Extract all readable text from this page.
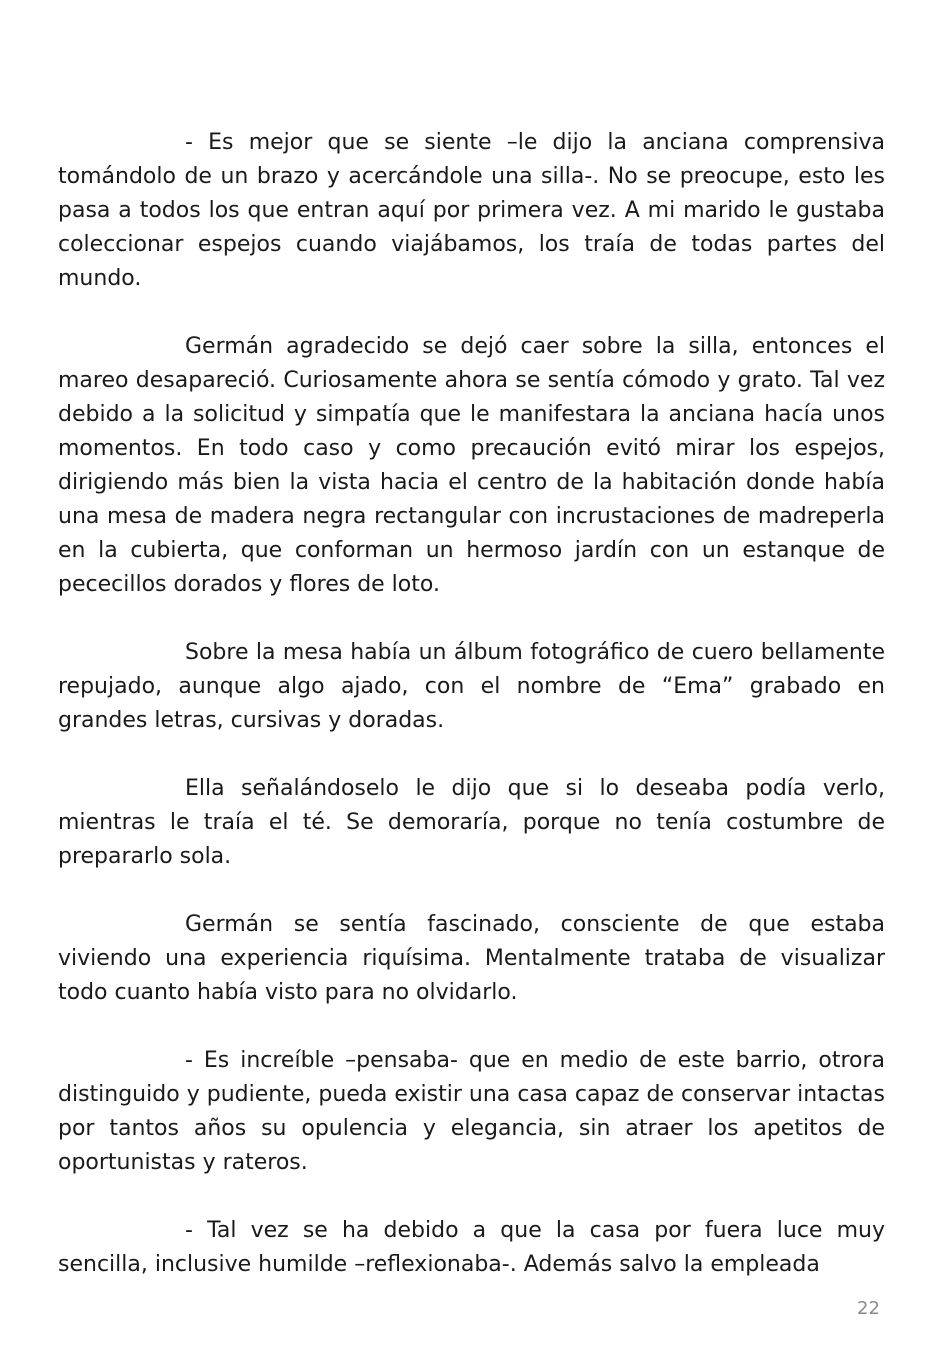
- Es mejor que se siente –le dijo la anciana comprensiva tomándolo de un brazo y acercándole una silla-. No se preocupe, esto les pasa a todos los que entran aquí por primera vez. A mi marido le gustaba coleccionar espejos cuando viajábamos, los traía de todas partes del mundo.

Germán agradecido se dejó caer sobre la silla, entonces el mareo desapareció. Curiosamente ahora se sentía cómodo y grato. Tal vez debido a la solicitud y simpatía que le manifestara la anciana hacía unos momentos. En todo caso y como precaución evitó mirar los espejos, dirigiendo más bien la vista hacia el centro de la habitación donde había una mesa de madera negra rectangular con incrustaciones de madreperla en la cubierta, que conforman un hermoso jardín con un estanque de pececillos dorados y flores de loto.

Sobre la mesa había un álbum fotográfico de cuero bellamente repujado, aunque algo ajado, con el nombre de “Ema” grabado en grandes letras, cursivas y doradas.

Ella señalándoselo le dijo que si lo deseaba podía verlo, mientras le traía el té. Se demoraría, porque no tenía costumbre de prepararlo sola.

Germán se sentía fascinado, consciente de que estaba viviendo una experiencia riquísima. Mentalmente trataba de visualizar todo cuanto había visto para no olvidarlo.

- Es increíble –pensaba- que en medio de este barrio, otrora distinguido y pudiente, pueda existir una casa capaz de conservar intactas por tantos años su opulencia y elegancia, sin atraer los apetitos de oportunistas y rateros.

- Tal vez se ha debido a que la casa por fuera luce muy sencilla, inclusive humilde –reflexionaba-. Además salvo la empleada

22
